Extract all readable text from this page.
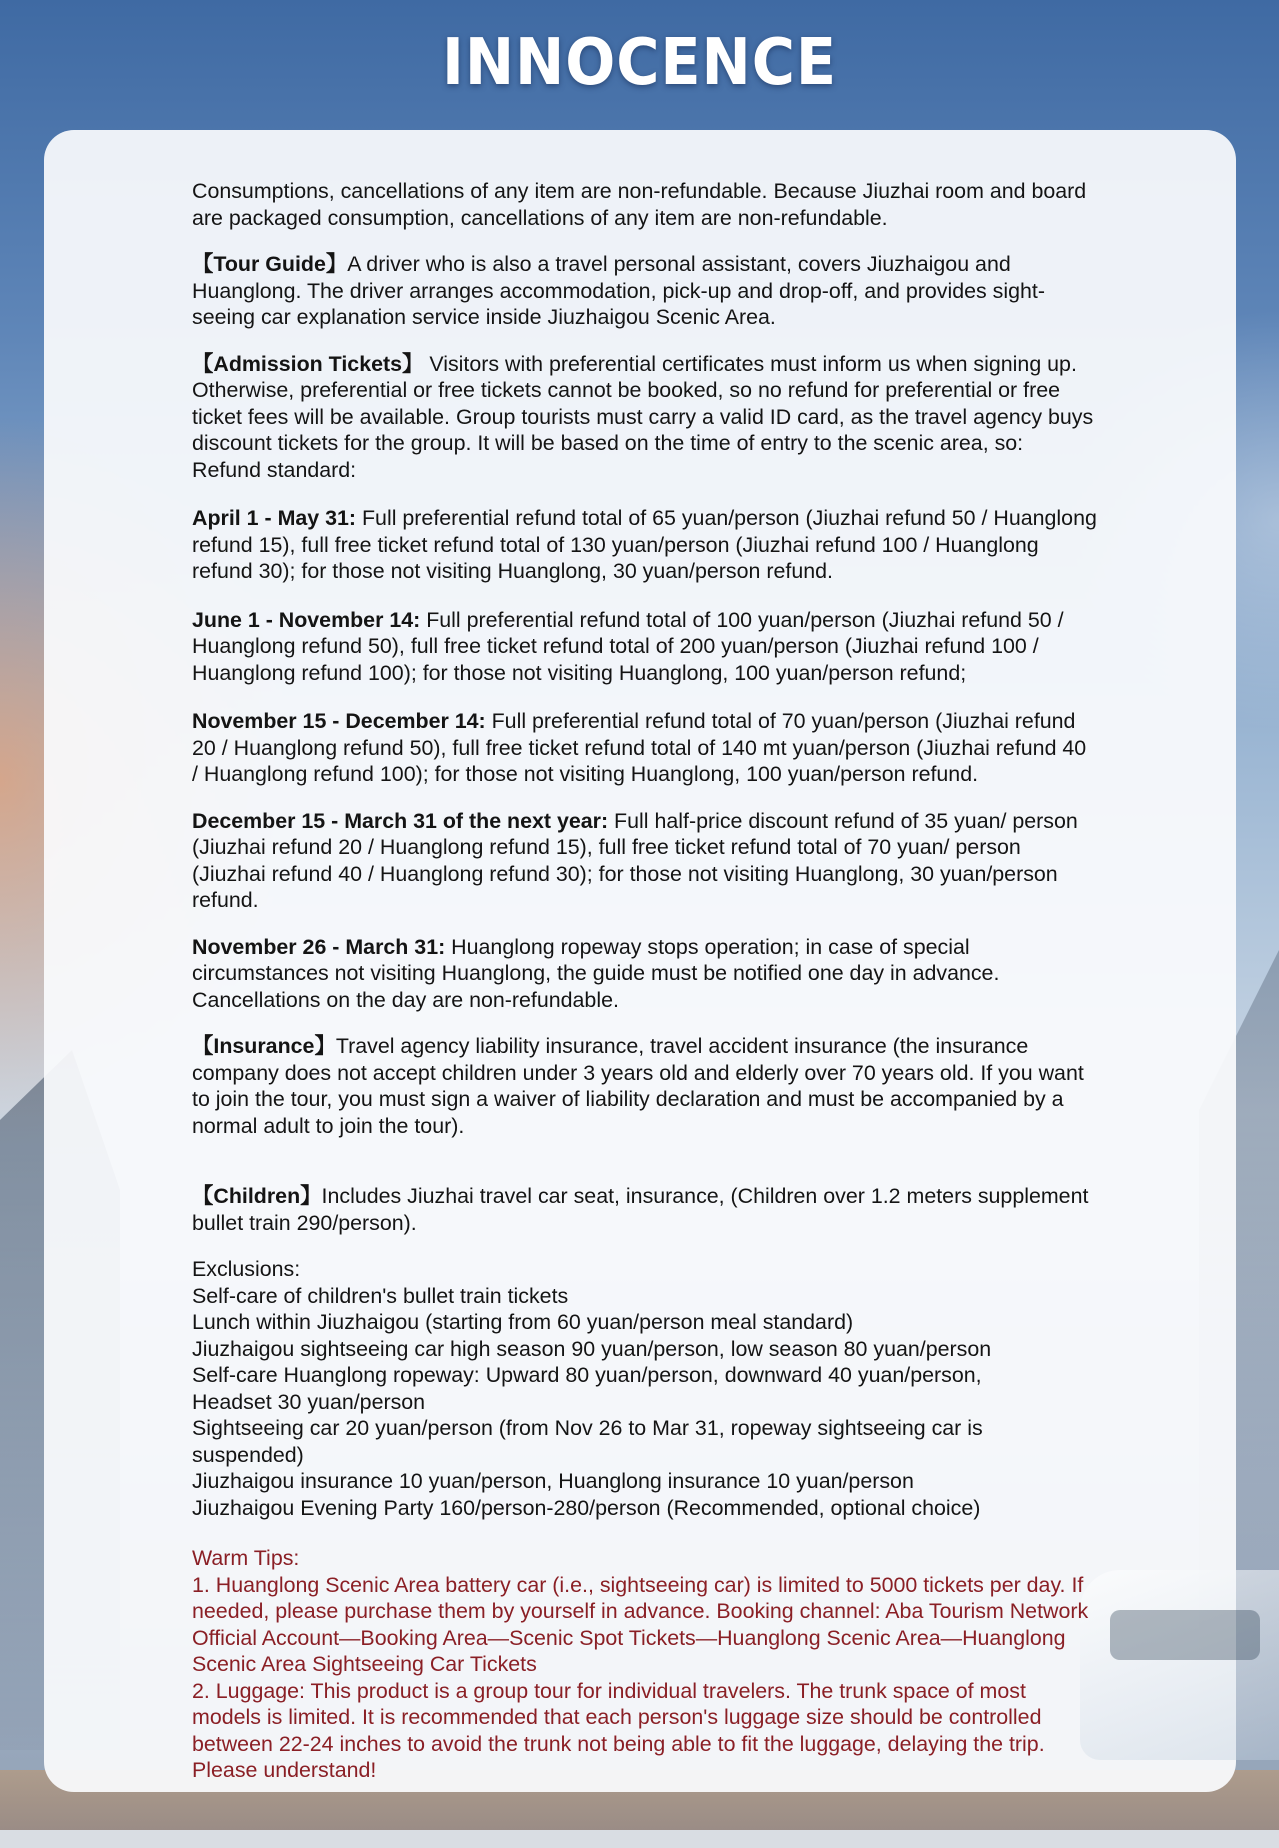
INNOCENCE

Consumptions, cancellations of any item are non-refundable. Because Jiuzhai room and board are packaged consumption, cancellations of any item are non-refundable.

【Tour Guide】A driver who is also a travel personal assistant, covers Jiuzhaigou and Huanglong. The driver arranges accommodation, pick-up and drop-off, and provides sight-seeing car explanation service inside Jiuzhaigou Scenic Area.

【Admission Tickets】 Visitors with preferential certificates must inform us when signing up. Otherwise, preferential or free tickets cannot be booked, so no refund for preferential or free ticket fees will be available. Group tourists must carry a valid ID card, as the travel agency buys discount tickets for the group. It will be based on the time of entry to the scenic area, so: Refund standard:

April 1 - May 31: Full preferential refund total of 65 yuan/person (Jiuzhai refund 50 / Huanglong refund 15), full free ticket refund total of 130 yuan/person (Jiuzhai refund 100 / Huanglong refund 30); for those not visiting Huanglong, 30 yuan/person refund.

June 1 - November 14: Full preferential refund total of 100 yuan/person (Jiuzhai refund 50 / Huanglong refund 50), full free ticket refund total of 200 yuan/person (Jiuzhai refund 100 / Huanglong refund 100); for those not visiting Huanglong, 100 yuan/person refund;

November 15 - December 14: Full preferential refund total of 70 yuan/person (Jiuzhai refund 20 / Huanglong refund 50), full free ticket refund total of 140 mt yuan/person (Jiuzhai refund 40 / Huanglong refund 100); for those not visiting Huanglong, 100 yuan/person refund.

December 15 - March 31 of the next year: Full half-price discount refund of 35 yuan/ person (Jiuzhai refund 20 / Huanglong refund 15), full free ticket refund total of 70 yuan/ person (Jiuzhai refund 40 / Huanglong refund 30); for those not visiting Huanglong, 30 yuan/person refund.

November 26 - March 31: Huanglong ropeway stops operation; in case of special circumstances not visiting Huanglong, the guide must be notified one day in advance. Cancellations on the day are non-refundable.

【Insurance】Travel agency liability insurance, travel accident insurance (the insurance company does not accept children under 3 years old and elderly over 70 years old. If you want to join the tour, you must sign a waiver of liability declaration and must be accompanied by a normal adult to join the tour).

【Children】Includes Jiuzhai travel car seat, insurance, (Children over 1.2 meters supplement bullet train 290/person).

Exclusions:

Self-care of children's bullet train tickets

Lunch within Jiuzhaigou (starting from 60 yuan/person meal standard)

Jiuzhaigou sightseeing car high season 90 yuan/person, low season 80 yuan/person

Self-care Huanglong ropeway: Upward 80 yuan/person, downward 40 yuan/person,

Headset 30 yuan/person

Sightseeing car 20 yuan/person (from Nov 26 to Mar 31, ropeway sightseeing car is suspended)

Jiuzhaigou insurance 10 yuan/person, Huanglong insurance 10 yuan/person

Jiuzhaigou Evening Party 160/person-280/person (Recommended, optional choice)

Warm Tips:

1. Huanglong Scenic Area battery car (i.e., sightseeing car) is limited to 5000 tickets per day. If needed, please purchase them by yourself in advance. Booking channel: Aba Tourism Network Official Account—Booking Area—Scenic Spot Tickets—Huanglong Scenic Area—Huanglong Scenic Area Sightseeing Car Tickets

2. Luggage: This product is a group tour for individual travelers. The trunk space of most models is limited. It is recommended that each person's luggage size should be controlled between 22-24 inches to avoid the trunk not being able to fit the luggage, delaying the trip. Please understand!
